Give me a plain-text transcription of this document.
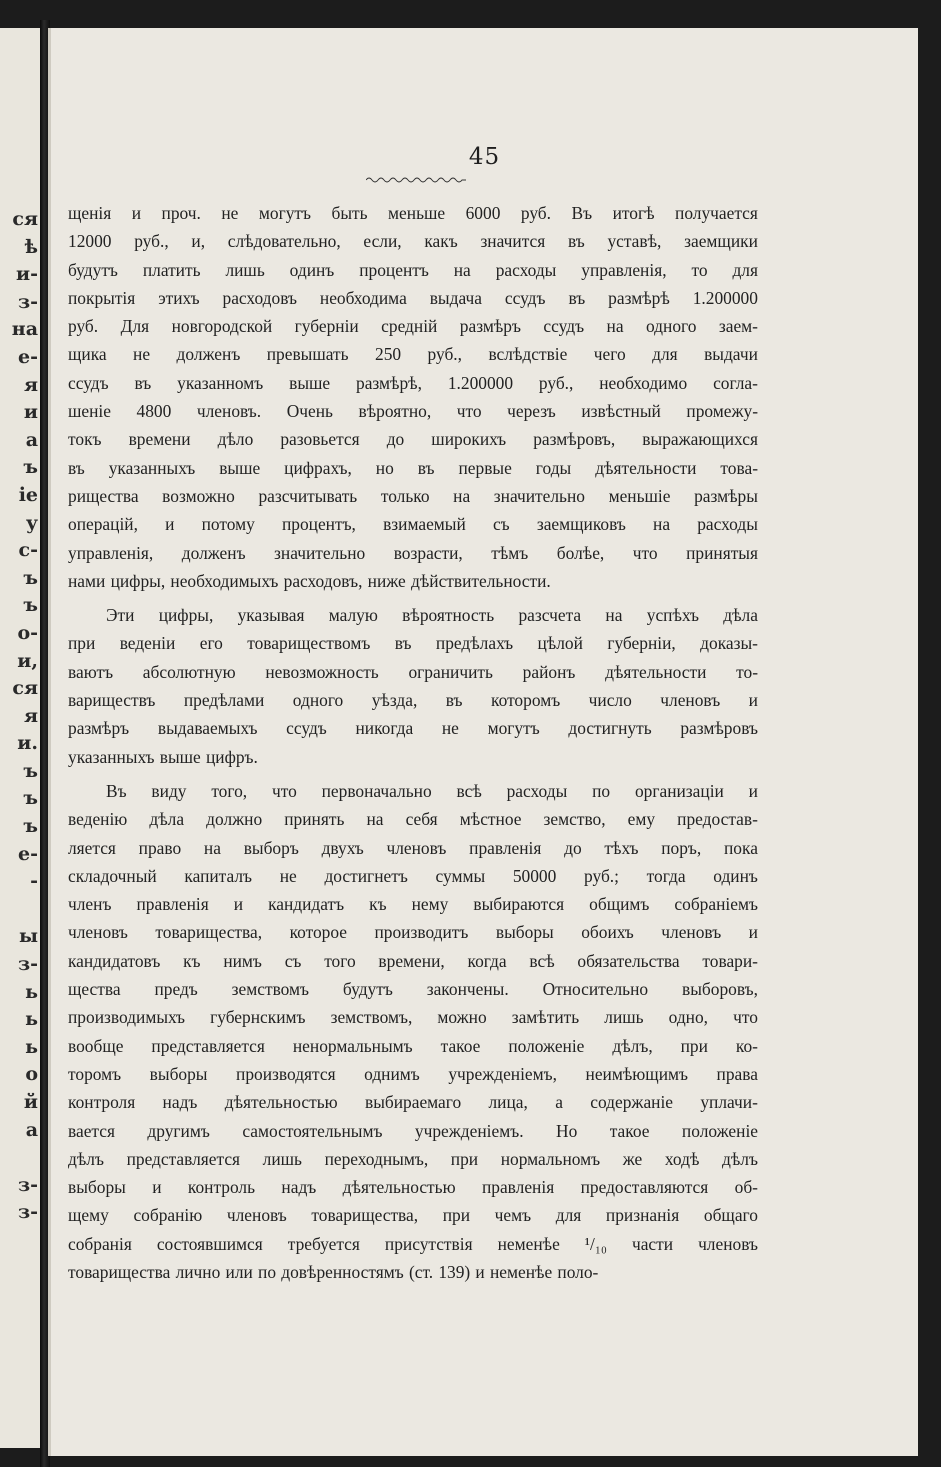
ся
ѣ
и-
з-
на
е-
я
и
а
ъ
іе
у
с-
ъ
ъ
о-
и,
ся
я
и.
ъ
ъ
ъ
е-
-
ы
з-
ь
ь
ь
о
й
а
з-
з-
45
щенія и проч. не могутъ быть меньше 6000 руб. Въ итогѣ получается
12000 руб., и, слѣдовательно, если, какъ значится въ уставѣ, заемщики
будутъ платить лишь одинъ процентъ на расходы управленія, то для
покрытія этихъ расходовъ необходима выдача ссудъ въ размѣрѣ 1.200000
руб. Для новгородской губерніи средній размѣръ ссудъ на одного заем-
щика не долженъ превышать 250 руб., вслѣдствіе чего для выдачи
ссудъ въ указанномъ выше размѣрѣ, 1.200000 руб., необходимо согла-
шеніе 4800 членовъ. Очень вѣроятно, что черезъ извѣстный промежу-
токъ времени дѣло разовьется до широкихъ размѣровъ, выражающихся
въ указанныхъ выше цифрахъ, но въ первые годы дѣятельности това-
рищества возможно разсчитывать только на значительно меньшіе размѣры
операцій, и потому процентъ, взимаемый съ заемщиковъ на расходы
управленія, долженъ значительно возрасти, тѣмъ болѣе, что принятыя
нами цифры, необходимыхъ расходовъ, ниже дѣйствительности.
Эти цифры, указывая малую вѣроятность разсчета на успѣхъ дѣла
при веденіи его товариществомъ въ предѣлахъ цѣлой губерніи, доказы-
ваютъ абсолютную невозможность ограничить районъ дѣятельности то-
вариществъ предѣлами одного уѣзда, въ которомъ число членовъ и
размѣръ выдаваемыхъ ссудъ никогда не могутъ достигнуть размѣровъ
указанныхъ выше цифръ.
Въ виду того, что первоначально всѣ расходы по организаціи и
веденію дѣла должно принять на себя мѣстное земство, ему предостав-
ляется право на выборъ двухъ членовъ правленія до тѣхъ поръ, пока
складочный капиталъ не достигнетъ суммы 50000 руб.; тогда одинъ
членъ правленія и кандидатъ къ нему выбираются общимъ собраніемъ
членовъ товарищества, которое производитъ выборы обоихъ членовъ и
кандидатовъ къ нимъ съ того времени, когда всѣ обязательства товари-
щества предъ земствомъ будутъ закончены. Относительно выборовъ,
производимыхъ губернскимъ земствомъ, можно замѣтить лишь одно, что
вообще представляется ненормальнымъ такое положеніе дѣлъ, при ко-
торомъ выборы производятся однимъ учрежденіемъ, неимѣющимъ права
контроля надъ дѣятельностью выбираемаго лица, а содержаніе уплачи-
вается другимъ самостоятельнымъ учрежденіемъ. Но такое положеніе
дѣлъ представляется лишь переходнымъ, при нормальномъ же ходѣ дѣлъ
выборы и контроль надъ дѣятельностью правленія предоставляются об-
щему собранію членовъ товарищества, при чемъ для признанія общаго
собранія состоявшимся требуется присутствія неменѣе ¹/₁₀ части членовъ
товарищества лично или по довѣренностямъ (ст. 139) и неменѣе поло-
